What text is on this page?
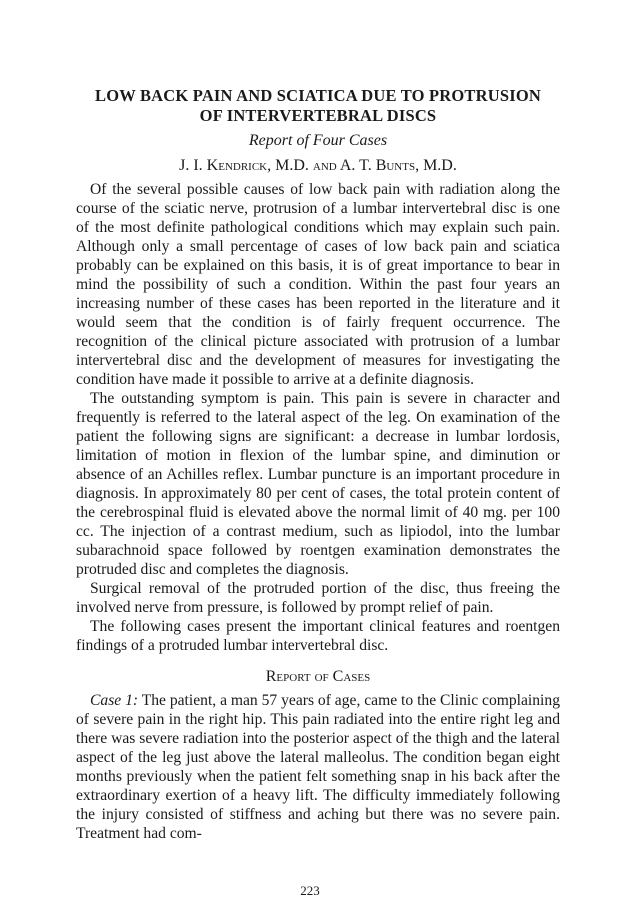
LOW BACK PAIN AND SCIATICA DUE TO PROTRUSION
OF INTERVERTEBRAL DISCS
Report of Four Cases
J. I. Kendrick, M.D. and A. T. Bunts, M.D.

Of the several possible causes of low back pain with radiation along the course of the sciatic nerve, protrusion of a lumbar intervertebral disc is one of the most definite pathological conditions which may explain such pain. Although only a small percentage of cases of low back pain and sciatica probably can be explained on this basis, it is of great importance to bear in mind the possibility of such a condition. Within the past four years an increasing number of these cases has been reported in the literature and it would seem that the condition is of fairly frequent occurrence. The recognition of the clinical picture associated with protrusion of a lumbar intervertebral disc and the development of measures for investigating the condition have made it possible to arrive at a definite diagnosis.

The outstanding symptom is pain. This pain is severe in character and frequently is referred to the lateral aspect of the leg. On examination of the patient the following signs are significant: a decrease in lumbar lordosis, limitation of motion in flexion of the lumbar spine, and diminution or absence of an Achilles reflex. Lumbar puncture is an important procedure in diagnosis. In approximately 80 per cent of cases, the total protein content of the cerebrospinal fluid is elevated above the normal limit of 40 mg. per 100 cc. The injection of a contrast medium, such as lipiodol, into the lumbar subarachnoid space followed by roentgen examination demonstrates the protruded disc and completes the diagnosis.

Surgical removal of the protruded portion of the disc, thus freeing the involved nerve from pressure, is followed by prompt relief of pain.

The following cases present the important clinical features and roentgen findings of a protruded lumbar intervertebral disc.

Report of Cases

Case 1: The patient, a man 57 years of age, came to the Clinic complaining of severe pain in the right hip. This pain radiated into the entire right leg and there was severe radiation into the posterior aspect of the thigh and the lateral aspect of the leg just above the lateral malleolus. The condition began eight months previously when the patient felt something snap in his back after the extraordinary exertion of a heavy lift. The difficulty immediately following the injury consisted of stiffness and aching but there was no severe pain. Treatment had com-

223
